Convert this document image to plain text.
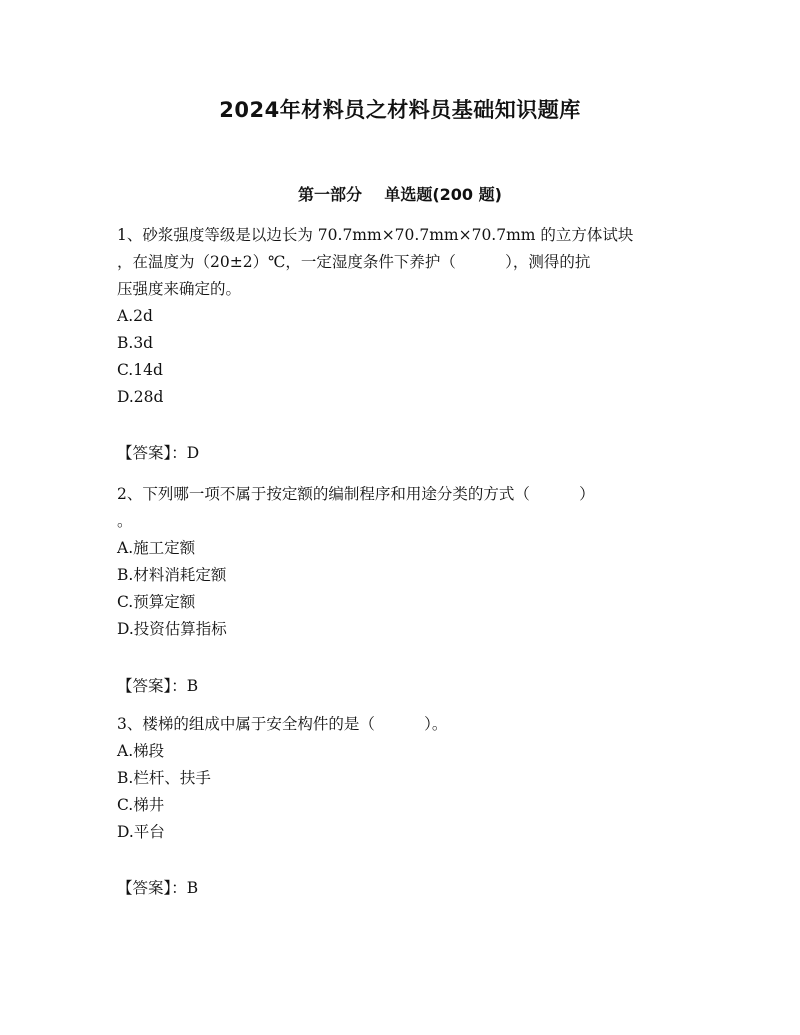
2024年材料员之材料员基础知识题库
第一部分    单选题(200 题)
1、砂浆强度等级是以边长为 70.7mm×70.7mm×70.7mm 的立方体试块
，在温度为（20±2）℃，一定湿度条件下养护（          ），测得的抗
压强度来确定的。
A.2d
B.3d
C.14d
D.28d
【答案】：D
2、下列哪一项不属于按定额的编制程序和用途分类的方式（          ）
。
A.施工定额
B.材料消耗定额
C.预算定额
D.投资估算指标
【答案】：B
3、楼梯的组成中属于安全构件的是（          ）。
A.梯段
B.栏杆、扶手
C.梯井
D.平台
【答案】：B
